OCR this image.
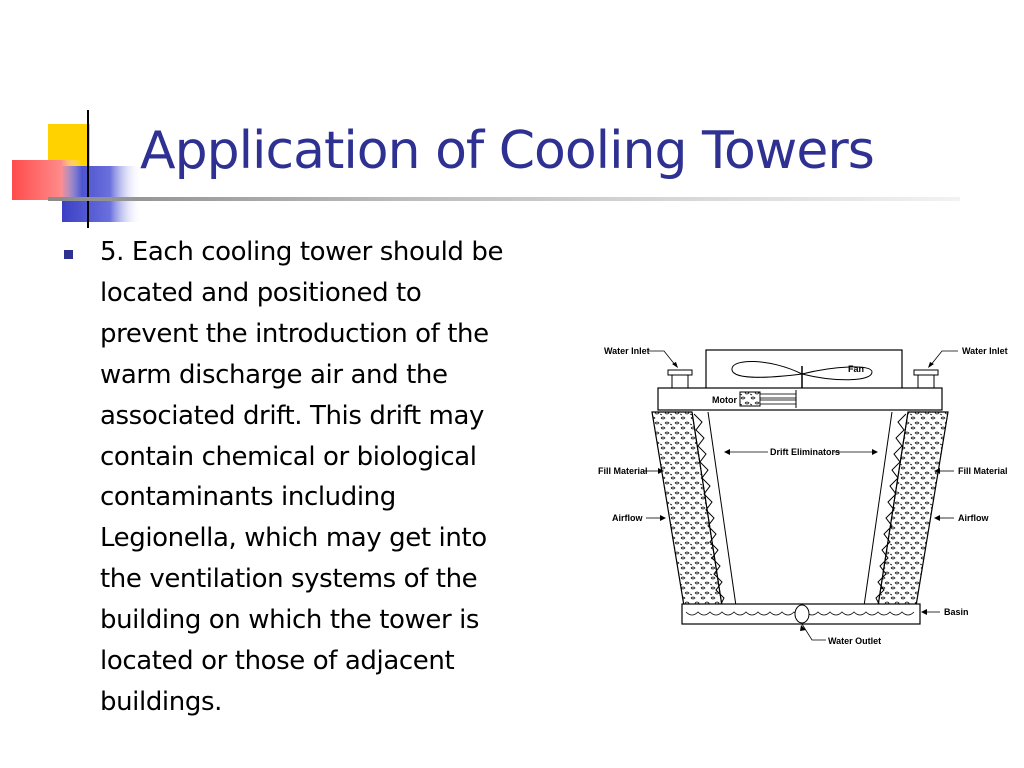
Application of Cooling Towers

5. Each cooling tower should be
located and positioned to
prevent the introduction of the
warm discharge air and the
associated drift. This drift may
contain chemical or biological
contaminants including
Legionella, which may get into
the ventilation systems of the
building on which the tower is
located or those of adjacent
buildings.

Fan
Motor
Drift Eliminators
Water Inlet	Water Inlet
Fill Material	Fill Material
Airflow	Airflow
Basin
Water Outlet
